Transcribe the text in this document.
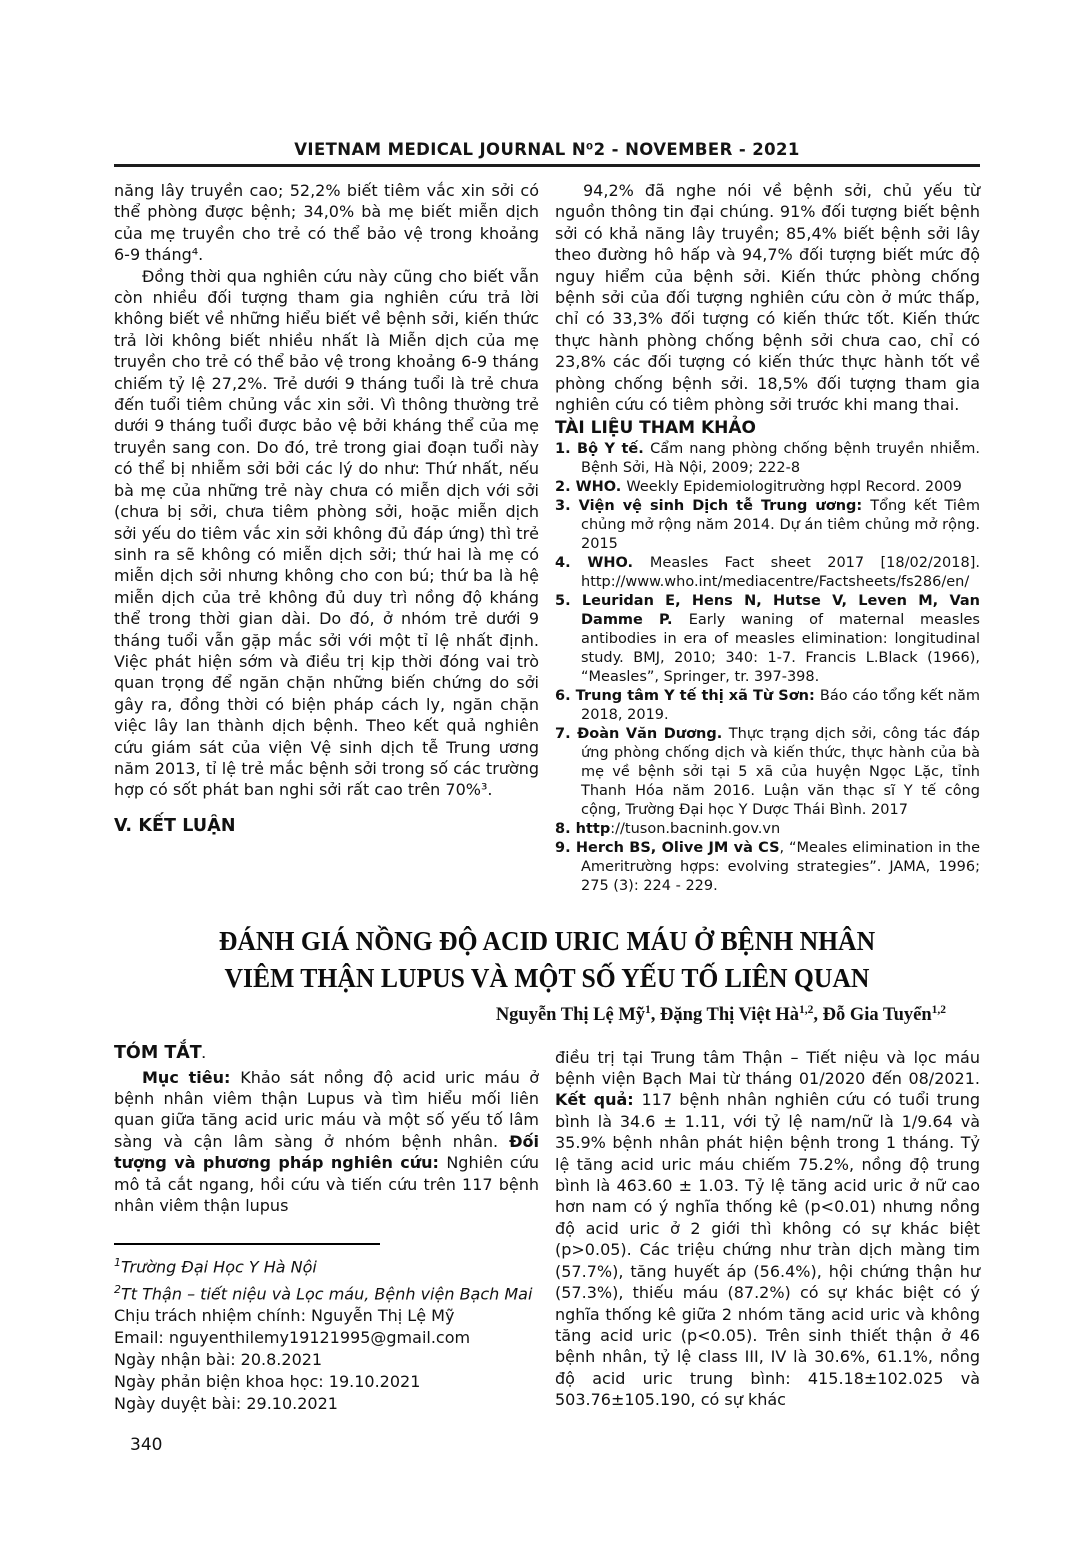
VIETNAM MEDICAL JOURNAL N⁰2 - NOVEMBER - 2021

năng lây truyền cao; 52,2% biết tiêm vắc xin sởi có thể phòng được bệnh; 34,0% bà mẹ biết miễn dịch của mẹ truyền cho trẻ có thể bảo vệ trong khoảng 6-9 tháng⁴.

Đồng thời qua nghiên cứu này cũng cho biết vẫn còn nhiều đối tượng tham gia nghiên cứu trả lời không biết về những hiểu biết về bệnh sởi, kiến thức trả lời không biết nhiều nhất là Miễn dịch của mẹ truyền cho trẻ có thể bảo vệ trong khoảng 6-9 tháng chiếm tỷ lệ 27,2%. Trẻ dưới 9 tháng tuổi là trẻ chưa đến tuổi tiêm chủng vắc xin sởi. Vì thông thường trẻ dưới 9 tháng tuổi được bảo vệ bởi kháng thể của mẹ truyền sang con. Do đó, trẻ trong giai đoạn tuổi này có thể bị nhiễm sởi bởi các lý do như: Thứ nhất, nếu bà mẹ của những trẻ này chưa có miễn dịch với sởi (chưa bị sởi, chưa tiêm phòng sởi, hoặc miễn dịch sởi yếu do tiêm vắc xin sởi không đủ đáp ứng) thì trẻ sinh ra sẽ không có miễn dịch sởi; thứ hai là mẹ có miễn dịch sởi nhưng không cho con bú; thứ ba là hệ miễn dịch của trẻ không đủ duy trì nồng độ kháng thể trong thời gian dài. Do đó, ở nhóm trẻ dưới 9 tháng tuổi vẫn gặp mắc sởi với một tỉ lệ nhất định. Việc phát hiện sớm và điều trị kịp thời đóng vai trò quan trọng để ngăn chặn những biến chứng do sởi gây ra, đồng thời có biện pháp cách ly, ngăn chặn việc lây lan thành dịch bệnh. Theo kết quả nghiên cứu giám sát của viện Vệ sinh dịch tễ Trung ương năm 2013, tỉ lệ trẻ mắc bệnh sởi trong số các trường hợp có sốt phát ban nghi sởi rất cao trên 70%³.

V. KẾT LUẬN

94,2% đã nghe nói về bệnh sởi, chủ yếu từ nguồn thông tin đại chúng. 91% đối tượng biết bệnh sởi có khả năng lây truyền; 85,4% biết bệnh sởi lây theo đường hô hấp và 94,7% đối tượng biết mức độ nguy hiểm của bệnh sởi. Kiến thức phòng chống bệnh sởi của đối tượng nghiên cứu còn ở mức thấp, chỉ có 33,3% đối tượng có kiến thức tốt. Kiến thức thực hành phòng chống bệnh sởi chưa cao, chỉ có 23,8% các đối tượng có kiến thức thực hành tốt về phòng chống bệnh sởi. 18,5% đối tượng tham gia nghiên cứu có tiêm phòng sởi trước khi mang thai.

TÀI LIỆU THAM KHẢO
1. Bộ Y tế. Cẩm nang phòng chống bệnh truyền nhiễm. Bệnh Sởi, Hà Nội, 2009; 222-8
2. WHO. Weekly Epidemiologitrường hợpl Record. 2009
3. Viện vệ sinh Dịch tễ Trung ương: Tổng kết Tiêm chủng mở rộng năm 2014. Dự án tiêm chủng mở rộng. 2015
4. WHO. Measles Fact sheet 2017 [18/02/2018]. http://www.who.int/mediacentre/Factsheets/fs286/en/
5. Leuridan E, Hens N, Hutse V, Leven M, Van Damme P. Early waning of maternal measles antibodies in era of measles elimination: longitudinal study. BMJ, 2010; 340: 1-7. Francis L.Black (1966), “Measles”, Springer, tr. 397-398.
6. Trung tâm Y tế thị xã Từ Sơn: Báo cáo tổng kết năm 2018, 2019.
7. Đoàn Văn Dương. Thực trạng dịch sởi, công tác đáp ứng phòng chống dịch và kiến thức, thực hành của bà mẹ về bệnh sởi tại 5 xã của huyện Ngọc Lặc, tỉnh Thanh Hóa năm 2016. Luận văn thạc sĩ Y tế công cộng, Trường Đại học Y Dược Thái Bình. 2017
8. http://tuson.bacninh.gov.vn
9. Herch BS, Olive JM và CS, “Meales elimination in the Ameritrường hợps: evolving strategies”. JAMA, 1996; 275 (3): 224 - 229.
ĐÁNH GIÁ NỒNG ĐỘ ACID URIC MÁU Ở BỆNH NHÂN
VIÊM THẬN LUPUS VÀ MỘT SỐ YẾU TỐ LIÊN QUAN
Nguyễn Thị Lệ Mỹ$^1$, Đặng Thị Việt Hà$^{1,2}$, Đỗ Gia Tuyển$^{1,2}$
TÓM TẮT.

Mục tiêu: Khảo sát nồng độ acid uric máu ở bệnh nhân viêm thận Lupus và tìm hiểu mối liên quan giữa tăng acid uric máu và một số yếu tố lâm sàng và cận lâm sàng ở nhóm bệnh nhân. Đối tượng và phương pháp nghiên cứu: Nghiên cứu mô tả cắt ngang, hồi cứu và tiến cứu trên 117 bệnh nhân viêm thận lupus

$^1$Trường Đại Học Y Hà Nội
$^2$Tt Thận – tiết niệu và Lọc máu, Bệnh viện Bạch Mai
Chịu trách nhiệm chính: Nguyễn Thị Lệ Mỹ
Email: nguyenthilemy19121995@gmail.com
Ngày nhận bài: 20.8.2021
Ngày phản biện khoa học: 19.10.2021
Ngày duyệt bài: 29.10.2021

điều trị tại Trung tâm Thận – Tiết niệu và lọc máu bệnh viện Bạch Mai từ tháng 01/2020 đến 08/2021. Kết quả: 117 bệnh nhân nghiên cứu có tuổi trung bình là 34.6 ± 1.11, với tỷ lệ nam/nữ là 1/9.64 và 35.9% bệnh nhân phát hiện bệnh trong 1 tháng. Tỷ lệ tăng acid uric máu chiếm 75.2%, nồng độ trung bình là 463.60 ± 1.03. Tỷ lệ tăng acid uric ở nữ cao hơn nam có ý nghĩa thống kê (p<0.01) nhưng nồng độ acid uric ở 2 giới thì không có sự khác biệt (p>0.05). Các triệu chứng như tràn dịch màng tim (57.7%), tăng huyết áp (56.4%), hội chứng thận hư (57.3%), thiếu máu (87.2%) có sự khác biệt có ý nghĩa thống kê giữa 2 nhóm tăng acid uric và không tăng acid uric (p<0.05). Trên sinh thiết thận ở 46 bệnh nhân, tỷ lệ class III, IV là 30.6%, 61.1%, nồng độ acid uric trung bình: 415.18±102.025 và 503.76±105.190, có sự khác

340
